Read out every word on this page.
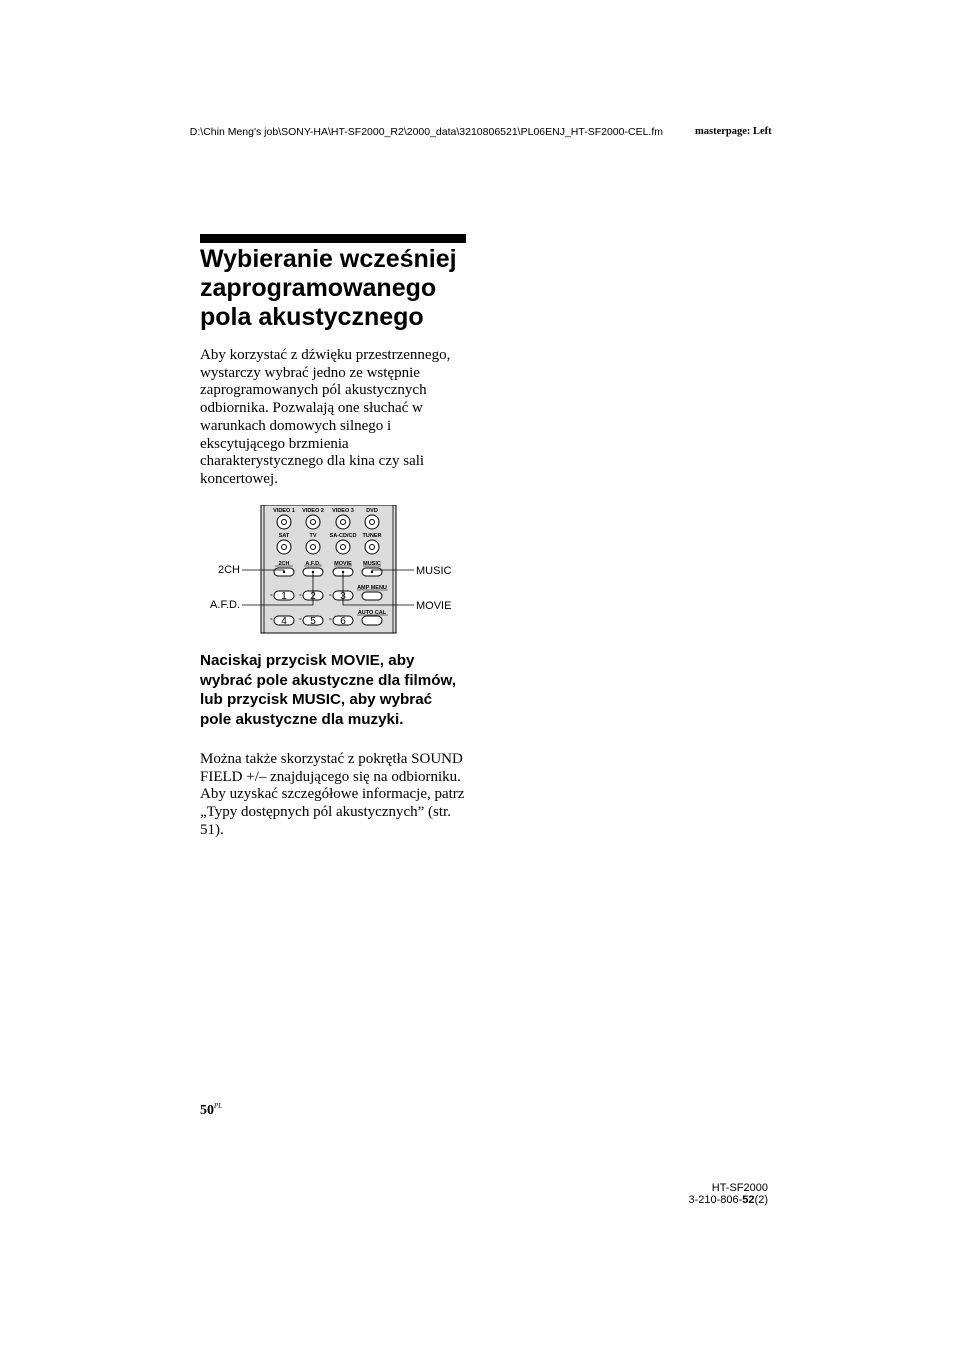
D:\Chin Meng's job\SONY-HA\HT-SF2000_R2\2000_data\3210806521\PL06ENJ_HT-SF2000-CEL.fm	masterpage: Left
Wybieranie wcześniej zaprogramowanego pola akustycznego

Aby korzystać z dźwięku przestrzennego, wystarczy wybrać jedno ze wstępnie zaprogramowanych pól akustycznych odbiornika. Pozwalają one słuchać w warunkach domowych silnego i ekscytującego brzmienia charakterystycznego dla kina czy sali koncertowej.

VIDEO 1 VIDEO 2 VIDEO 3 DVD
SAT	TV SA-CD/CD TUNER
2CH	A.F.D. MOVIE MUSIC
AMP MENU
°	°	°
1 2 3
AUTO CAL
°	°	°
4 5 6
2CH
A.F.D.
MUSIC
MOVIE

Naciskaj przycisk MOVIE, aby wybrać pole akustyczne dla filmów, lub przycisk MUSIC, aby wybrać pole akustyczne dla muzyki.

Można także skorzystać z pokrętła SOUND FIELD +/– znajdującego się na odbiorniku.
Aby uzyskać szczegółowe informacje, patrz „Typy dostępnych pól akustycznych” (str. 51).
$50^{PL}$
HT-SF2000
3-210-806-52(2)
